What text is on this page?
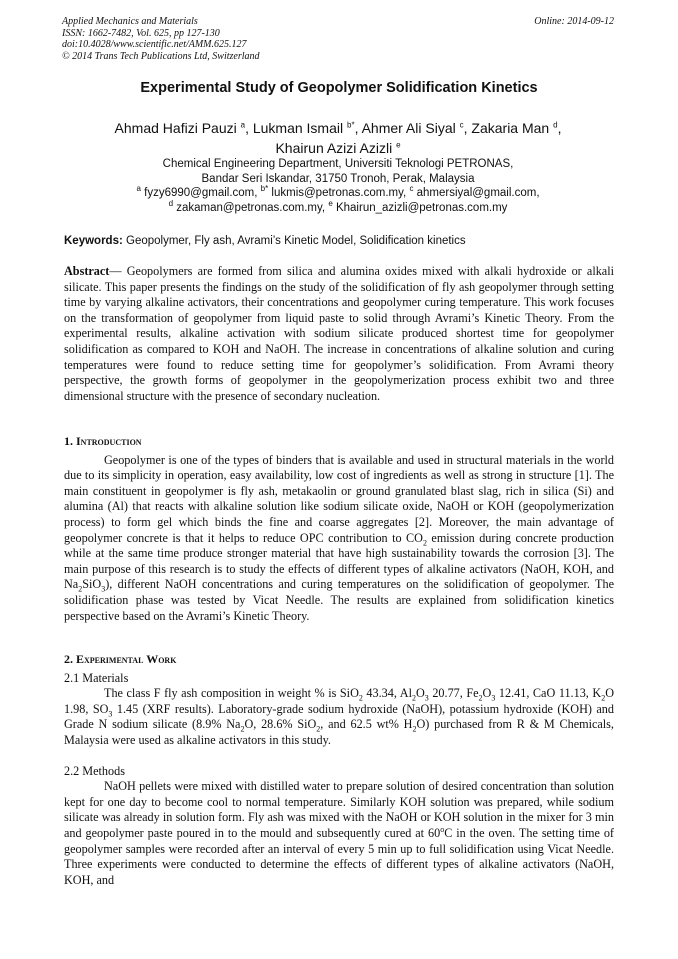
Applied Mechanics and Materials
ISSN: 1662-7482, Vol. 625, pp 127-130
doi:10.4028/www.scientific.net/AMM.625.127
© 2014 Trans Tech Publications Ltd, Switzerland
Online: 2014-09-12
Experimental Study of Geopolymer Solidification Kinetics
Ahmad Hafizi Pauzi $^a$, Lukman Ismail $^{b*}$, Ahmer Ali Siyal $^c$, Zakaria Man $^d$,
Khairun Azizi Azizli $^e$
Chemical Engineering Department, Universiti Teknologi PETRONAS,
Bandar Seri Iskandar, 31750 Tronoh, Perak, Malaysia
$^a$ fyzy6990@gmail.com, $^{b*}$ lukmis@petronas.com.my, $^c$ ahmersiyal@gmail.com,
$^d$ zakaman@petronas.com.my, $^e$ Khairun_azizli@petronas.com.my
Keywords: Geopolymer, Fly ash, Avrami’s Kinetic Model, Solidification kinetics

Abstract— Geopolymers are formed from silica and alumina oxides mixed with alkali hydroxide or alkali silicate. This paper presents the findings on the study of the solidification of fly ash geopolymer through setting time by varying alkaline activators, their concentrations and geopolymer curing temperature. This work focuses on the transformation of geopolymer from liquid paste to solid through Avrami’s Kinetic Theory. From the experimental results, alkaline activation with sodium silicate produced shortest time for geopolymer solidification as compared to KOH and NaOH. The increase in concentrations of alkaline solution and curing temperatures were found to reduce setting time for geopolymer’s solidification. From Avrami theory perspective, the growth forms of geopolymer in the geopolymerization process exhibit two and three dimensional structure with the presence of secondary nucleation.

1. Introduction

Geopolymer is one of the types of binders that is available and used in structural materials in the world due to its simplicity in operation, easy availability, low cost of ingredients as well as strong in structure [1]. The main constituent in geopolymer is fly ash, metakaolin or ground granulated blast slag, rich in silica (Si) and alumina (Al) that reacts with alkaline solution like sodium silicate oxide, NaOH or KOH (geopolymerization process) to form gel which binds the fine and coarse aggregates [2]. Moreover, the main advantage of geopolymer concrete is that it helps to reduce OPC contribution to $CO_2$ emission during concrete production while at the same time produce stronger material that have high sustainability towards the corrosion [3]. The main purpose of this research is to study the effects of different types of alkaline activators (NaOH, KOH, and $Na_2SiO_3$), different NaOH concentrations and curing temperatures on the solidification of geopolymer. The solidification phase was tested by Vicat Needle. The results are explained from solidification kinetics perspective based on the Avrami’s Kinetic Theory.

2. Experimental Work
2.1 Materials

The class F fly ash composition in weight % is SiO$_2$ 43.34, $Al_2O_3$ 20.77, $Fe_2O_3$ 12.41, CaO 11.13, $K_2O$ 1.98, $SO_3$ 1.45 (XRF results). Laboratory-grade sodium hydroxide (NaOH), potassium hydroxide (KOH) and Grade N sodium silicate (8.9% $Na_2O$, 28.6% SiO$_2$, and 62.5 wt% $H_2O$) purchased from R & M Chemicals, Malaysia were used as alkaline activators in this study.

2.2 Methods

NaOH pellets were mixed with distilled water to prepare solution of desired concentration than solution kept for one day to become cool to normal temperature. Similarly KOH solution was prepared, while sodium silicate was already in solution form. Fly ash was mixed with the NaOH or KOH solution in the mixer for 3 min and geopolymer paste poured in to the mould and subsequently cured at 60$^o$C in the oven. The setting time of geopolymer samples were recorded after an interval of every 5 min up to full solidification using Vicat Needle. Three experiments were conducted to determine the effects of different types of alkaline activators (NaOH, KOH, and
